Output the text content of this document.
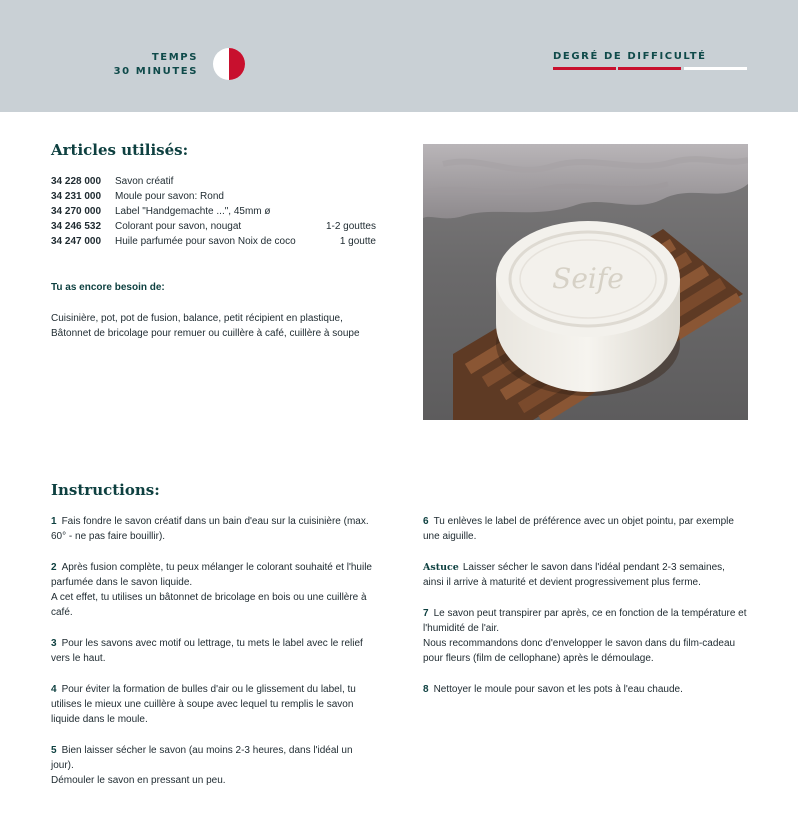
TEMPS
30 MINUTES
DEGRÉ DE DIFFICULTÉ
Articles utilisés:
34 228 000 Savon créatif
34 231 000 Moule pour savon: Rond
34 270 000 Label "Handgemachte ...", 45mm ø
34 246 532 Colorant pour savon, nougat	1-2 gouttes
34 247 000 Huile parfumée pour savon Noix de coco	1 goutte
Tu as encore besoin de:
Cuisinière, pot, pot de fusion, balance, petit récipient en plastique, Bâtonnet de bricolage pour remuer ou cuillère à café, cuillère à soupe
Seife
Instructions:

1 Fais fondre le savon créatif dans un bain d'eau sur la cuisinière (max. 60° - ne pas faire bouillir).

2 Après fusion complète, tu peux mélanger le colorant souhaité et l'huile parfumée dans le savon liquide.

A cet effet, tu utilises un bâtonnet de bricolage en bois ou une cuillère à café.

3 Pour les savons avec motif ou lettrage, tu mets le label avec le relief vers le haut.

4 Pour éviter la formation de bulles d'air ou le glissement du label, tu utilises le mieux une cuillère à soupe avec lequel tu remplis le savon liquide dans le moule.

5 Bien laisser sécher le savon (au moins 2-3 heures, dans l'idéal un jour).

Démouler le savon en pressant un peu.

6 Tu enlèves le label de préférence avec un objet pointu, par exemple une aiguille.

Astuce Laisser sécher le savon dans l'idéal pendant 2-3 semaines, ainsi il arrive à maturité et devient progressivement plus ferme.

7 Le savon peut transpirer par après, ce en fonction de la température et l'humidité de l'air.

Nous recommandons donc d'envelopper le savon dans du film-cadeau pour fleurs (film de cellophane) après le démoulage.

8 Nettoyer le moule pour savon et les pots à l'eau chaude.
